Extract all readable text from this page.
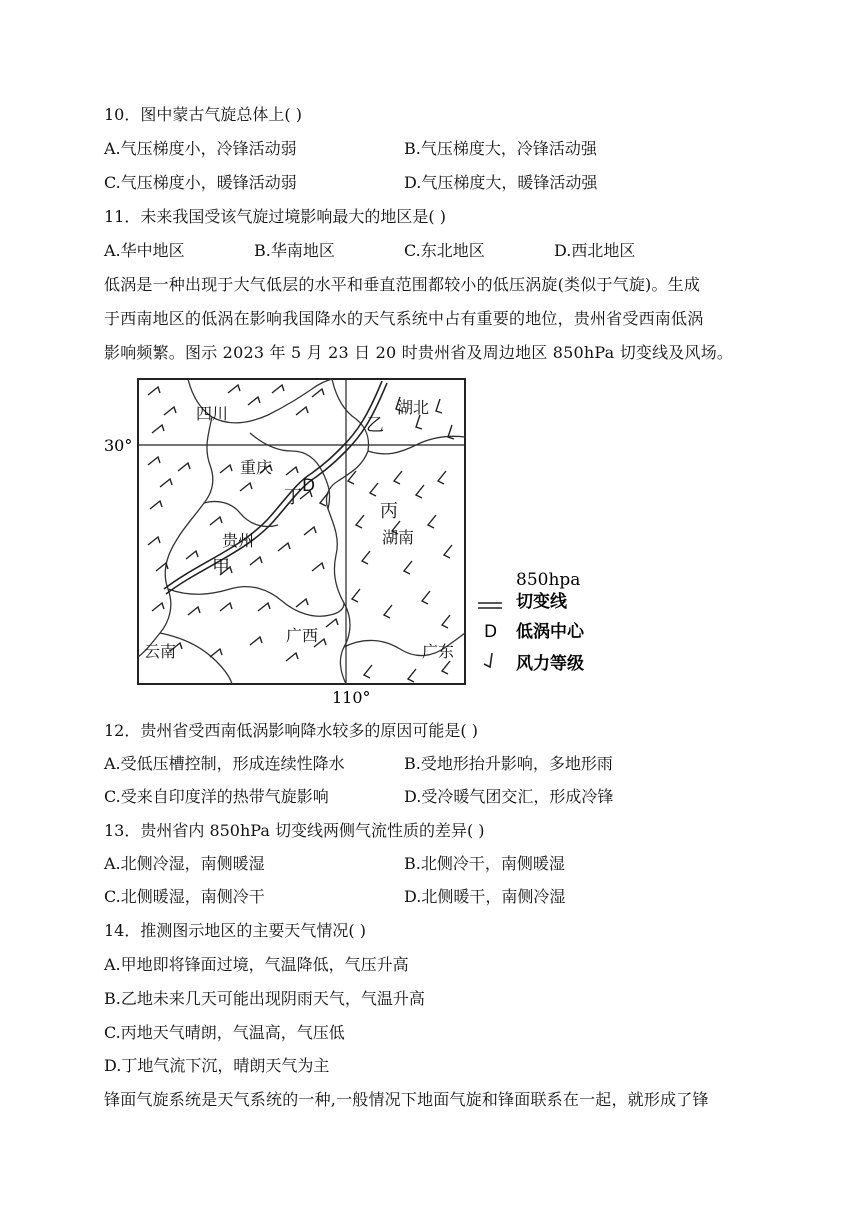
10．图中蒙古气旋总体上( )
A.气压梯度小，冷锋活动弱	B.气压梯度大，冷锋活动强
C.气压梯度小，暖锋活动弱	D.气压梯度大，暖锋活动强
11．未来我国受该气旋过境影响最大的地区是( )
A.华中地区	B.华南地区	C.东北地区	D.西北地区
低涡是一种出现于大气低层的水平和垂直范围都较小的低压涡旋(类似于气旋)。生成
于西南地区的低涡在影响我国降水的天气系统中占有重要的地位，贵州省受西南低涡
影响频繁。图示 2023 年 5 月 23 日 20 时贵州省及周边地区 850hPa 切变线及风场。
30°
110°
四川	湖北
重庆
贵州	湖南
云南
广西
广东
甲
乙
丙
丁
D
850hpa
切变线
D 低涡中心
风力等级
12．贵州省受西南低涡影响降水较多的原因可能是( )
A.受低压槽控制，形成连续性降水	B.受地形抬升影响，多地形雨
C.受来自印度洋的热带气旋影响	D.受冷暖气团交汇，形成冷锋
13．贵州省内 850hPa 切变线两侧气流性质的差异( )
A.北侧冷湿，南侧暖湿	B.北侧冷干，南侧暖湿
C.北侧暖湿，南侧冷干	D.北侧暖干，南侧冷湿
14．推测图示地区的主要天气情况( )
A.甲地即将锋面过境，气温降低，气压升高
B.乙地未来几天可能出现阴雨天气，气温升高
C.丙地天气晴朗，气温高，气压低
D.丁地气流下沉，晴朗天气为主
锋面气旋系统是天气系统的一种,一般情况下地面气旋和锋面联系在一起，就形成了锋
